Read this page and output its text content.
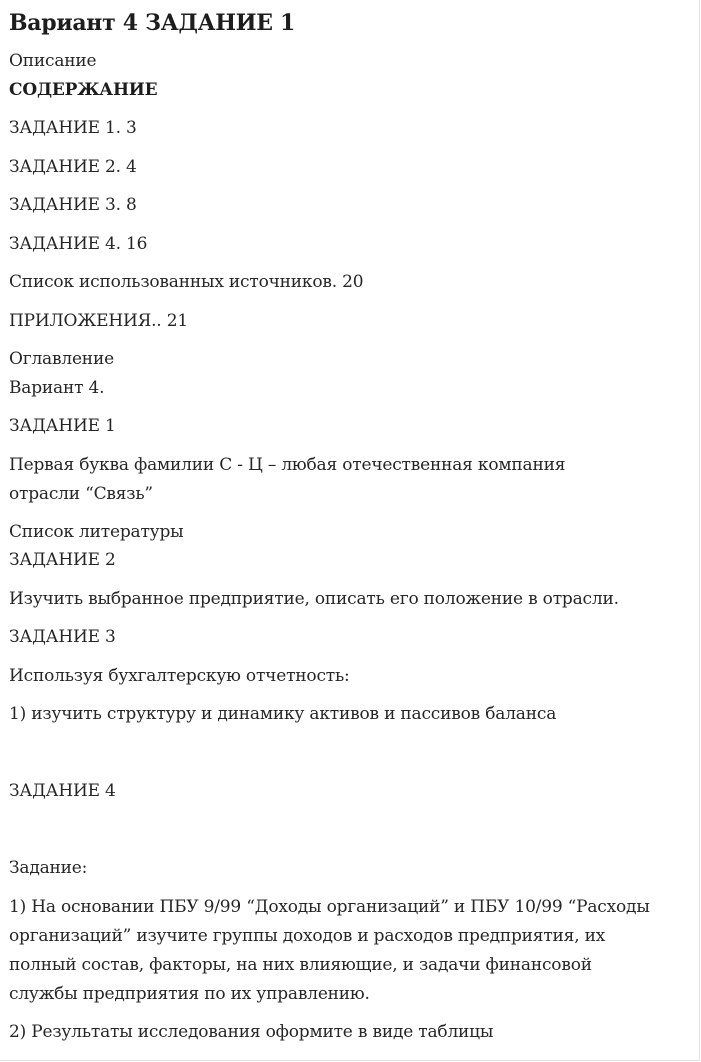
Вариант 4 ЗАДАНИЕ 1
Описание
СОДЕРЖАНИЕ
ЗАДАНИЕ 1. 3
ЗАДАНИЕ 2. 4
ЗАДАНИЕ 3. 8
ЗАДАНИЕ 4. 16
Список использованных источников. 20
ПРИЛОЖЕНИЯ.. 21
Оглавление
Вариант 4.
ЗАДАНИЕ 1
Первая буква фамилии С - Ц – любая отечественная компания
отрасли “Связь”
Список литературы
ЗАДАНИЕ 2
Изучить выбранное предприятие, описать его положение в отрасли.
ЗАДАНИЕ 3
Используя бухгалтерскую отчетность:
1) изучить структуру и динамику активов и пассивов баланса
ЗАДАНИЕ 4
Задание:
1) На основании ПБУ 9/99 “Доходы организаций” и ПБУ 10/99 “Расходы
организаций” изучите группы доходов и расходов предприятия, их
полный состав, факторы, на них влияющие, и задачи финансовой
службы предприятия по их управлению.
2) Результаты исследования оформите в виде таблицы
